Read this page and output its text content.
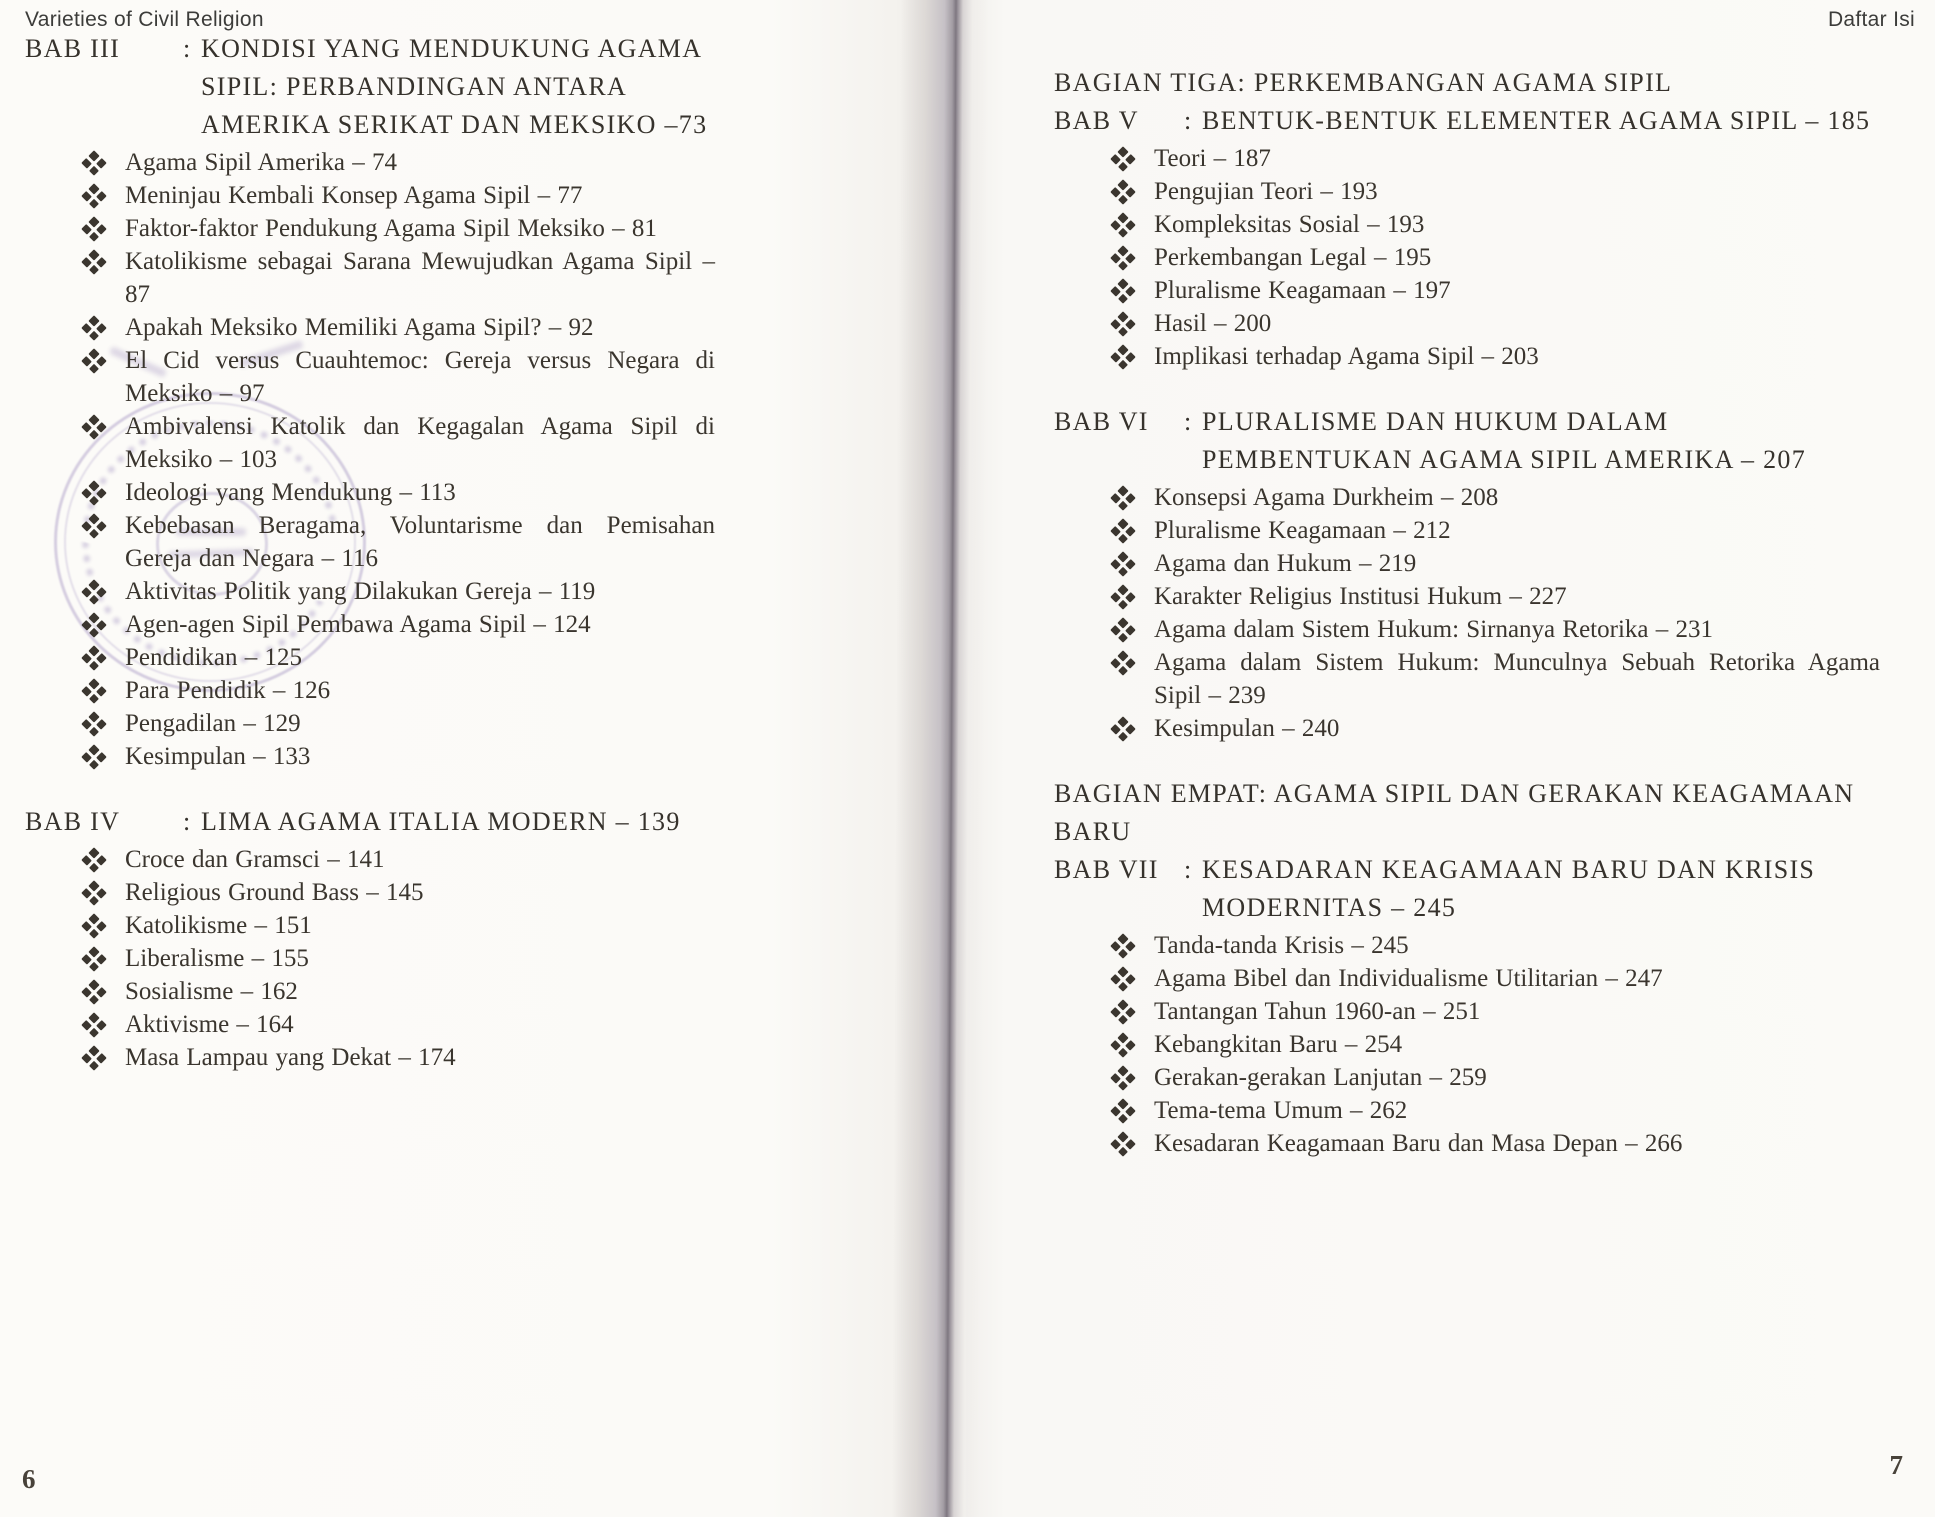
Varieties of Civil Religion
BAB III	: KONDISI YANG MENDUKUNG AGAMA SIPIL: PERBANDINGAN ANTARA AMERIKA SERIKAT DAN MEKSIKO –73
Agama Sipil Amerika – 74
Meninjau Kembali Konsep Agama Sipil – 77
Faktor-faktor Pendukung Agama Sipil Meksiko – 81
Katolikisme sebagai Sarana Mewujudkan Agama Sipil – 87
Apakah Meksiko Memiliki Agama Sipil? – 92
El Cid versus Cuauhtemoc: Gereja versus Negara di Meksiko – 97
Ambivalensi Katolik dan Kegagalan Agama Sipil di Meksiko – 103
Ideologi yang Mendukung – 113
Kebebasan Beragama, Voluntarisme dan Pemisahan Gereja dan Negara – 116
Aktivitas Politik yang Dilakukan Gereja – 119
Agen-agen Sipil Pembawa Agama Sipil – 124
Pendidikan – 125
Para Pendidik – 126
Pengadilan – 129
Kesimpulan – 133
BAB IV	: LIMA AGAMA ITALIA MODERN – 139
Croce dan Gramsci – 141
Religious Ground Bass – 145
Katolikisme – 151
Liberalisme – 155
Sosialisme – 162
Aktivisme – 164
Masa Lampau yang Dekat – 174
6
Daftar Isi
BAGIAN TIGA: PERKEMBANGAN AGAMA SIPIL
BAB V	: BENTUK-BENTUK ELEMENTER AGAMA SIPIL – 185
Teori – 187
Pengujian Teori – 193
Kompleksitas Sosial – 193
Perkembangan Legal – 195
Pluralisme Keagamaan – 197
Hasil – 200
Implikasi terhadap Agama Sipil – 203
BAB VI	: PLURALISME DAN HUKUM DALAM PEMBENTUKAN AGAMA SIPIL AMERIKA – 207
Konsepsi Agama Durkheim – 208
Pluralisme Keagamaan – 212
Agama dan Hukum – 219
Karakter Religius Institusi Hukum – 227
Agama dalam Sistem Hukum: Sirnanya Retorika – 231
Agama dalam Sistem Hukum: Munculnya Sebuah Retorika Agama Sipil – 239
Kesimpulan – 240
BAGIAN EMPAT: AGAMA SIPIL DAN GERAKAN KEAGAMAAN BARU
BAB VII : KESADARAN KEAGAMAAN BARU DAN KRISIS MODERNITAS – 245
Tanda-tanda Krisis – 245
Agama Bibel dan Individualisme Utilitarian – 247
Tantangan Tahun 1960-an – 251
Kebangkitan Baru – 254
Gerakan-gerakan Lanjutan – 259
Tema-tema Umum – 262
Kesadaran Keagamaan Baru dan Masa Depan – 266
7
